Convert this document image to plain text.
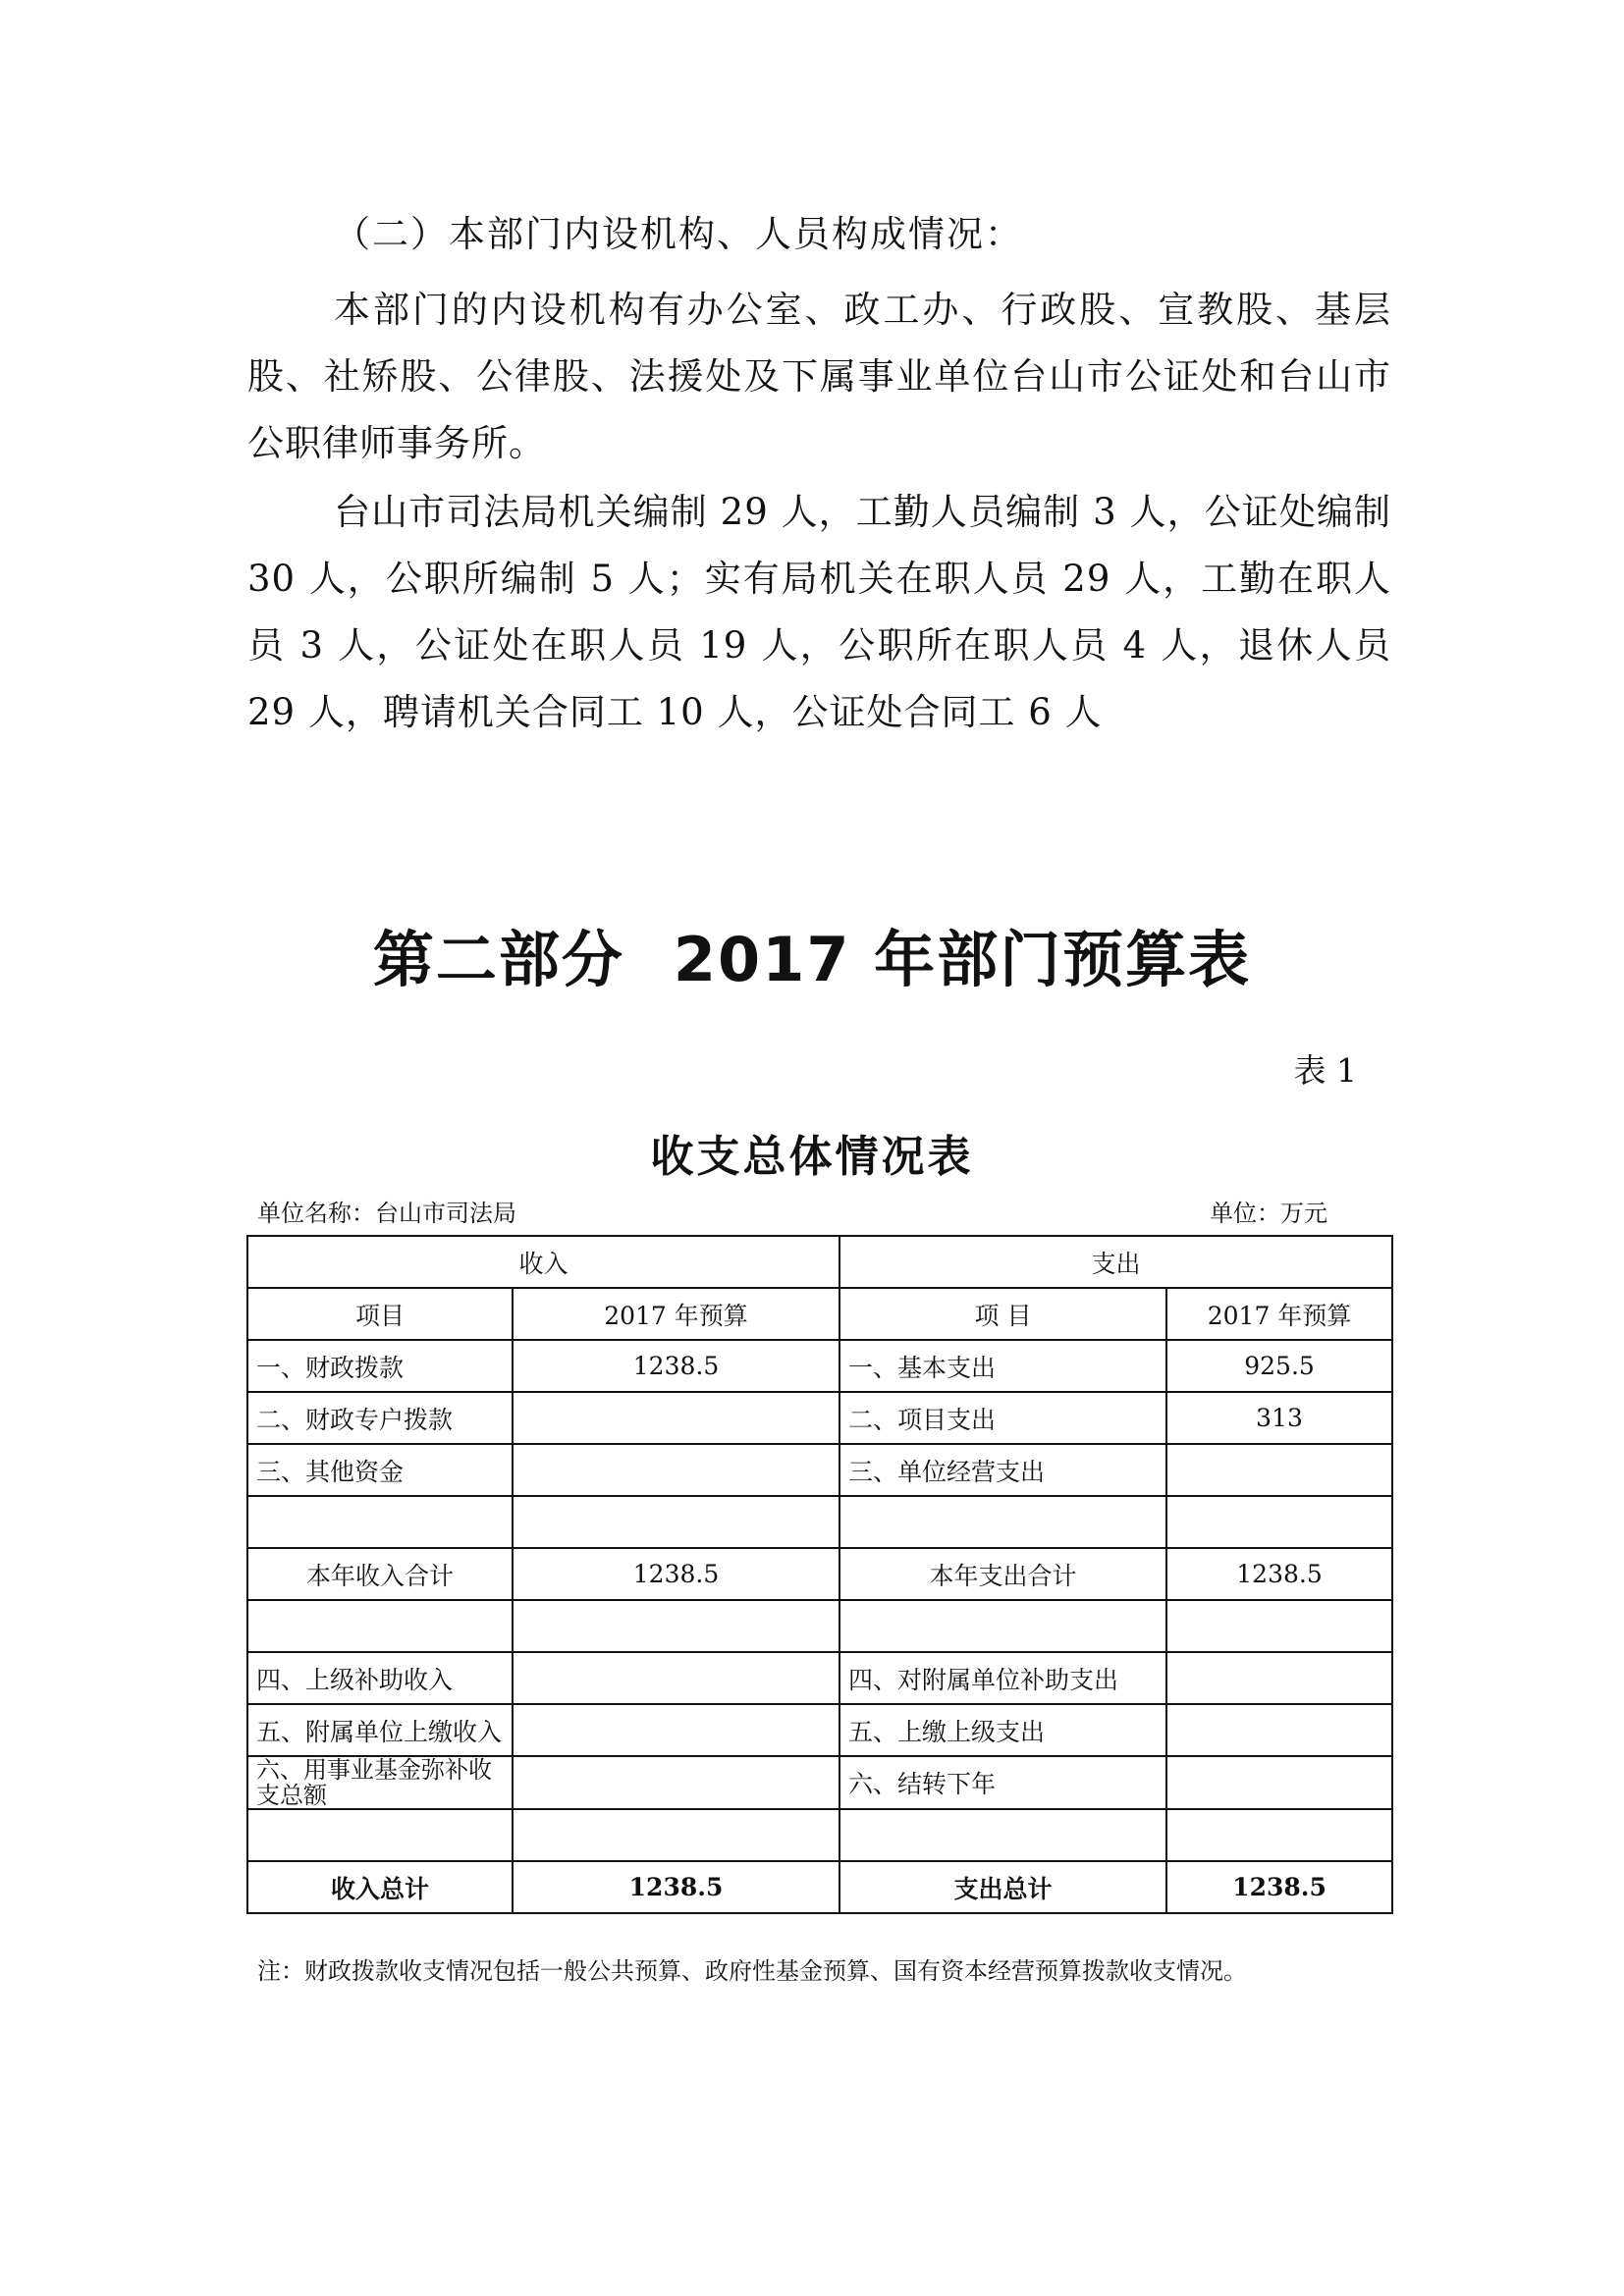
（二）本部门内设机构、人员构成情况：

本部门的内设机构有办公室、政工办、行政股、宣教股、基层股、社矫股、公律股、法援处及下属事业单位台山市公证处和台山市公职律师事务所。

台山市司法局机关编制 29 人，工勤人员编制 3 人，公证处编制 30 人，公职所编制 5 人；实有局机关在职人员 29 人，工勤在职人员 3 人，公证处在职人员 19 人，公职所在职人员 4 人，退休人员 29 人，聘请机关合同工 10 人，公证处合同工 6 人

第二部分 2017 年部门预算表
表 1
收支总体情况表
单位名称：台山市司法局	单位：万元
收入		支出	
项目	2017 年预算	项 目	2017 年预算
一、财政拨款	1238.5	一、基本支出	925.5
二、财政专户拨款		二、项目支出	313
三、其他资金		三、单位经营支出	

本年收入合计	1238.5	本年支出合计	1238.5

四、上级补助收入		四、对附属单位补助支出	
五、附属单位上缴收入		五、上缴上级支出	
六、用事业基金弥补收支总额		六、结转下年	

收入总计	1238.5	支出总计	1238.5
注：财政拨款收支情况包括一般公共预算、政府性基金预算、国有资本经营预算拨款收支情况。
